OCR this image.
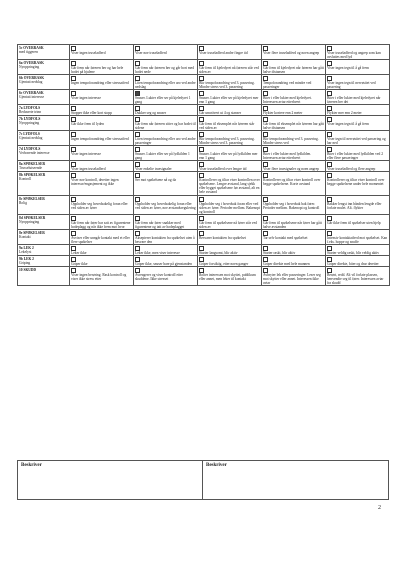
5c OVERRASK
med tiggeren	Viser ingen truseladferd	Viser noe truseladferd	Viser truseladferd andre fingre tid	Viser flere truseladferd og noen angrep	Viser truseladferd og angrep som kan avsluttes med lyd

6a OVERRASK
Nyoppringing	Går frem når føreren ber og har hele hodet på hjulene	Går frem når føreren ber og går bort med hodet nede	Går frem til kjeledyret nå føreren står ved siden av	Går frem til kjeledyret når føreren har gått halve distansen	Viser ingen tegn til å gå frem

6b OVERRASK
Gjentatt nedslag	Ingen tempoforandring eller stressatferd	Liten tempoforandring eller uro ved andre nedslag	Blir tempoforandring ved 3. passering. Mindre stress ved 3. passering	Tempoforandring ved mindre ved passeringer	Viser ingen tegn til nervøsitet ved passering

6c OVERRASK
Gjentatt interesse	Viser ingen interesse	Snuser. Lukter eller ser på kjeledyret 1 gang	Snuser. Lukter eller ser på kjeledyret mer enn 1 gang	Biter i eller lukter med kjeledyret. Interessen avtar etterhvert	Biter i eller lukter med kjeledyret når føreren ber det

7a LYDFOLS
Reduserte trinn	Stopper ikke eller kort stopp	Dukker seg og snuser	Går umotivert ut 4 og stanser	Flykter kortere enn 2 meter	Flykter mer enn 2 meter

7b LYDFOLS
Nyoppringing	Går ikke frem til lyden	Går frem når føreren sitter og har hodet til sidene	Går frem til eksemplet når føreren står ved siden av	Går frem til eksemplet når føreren har gått halve distansen	Viser ingen tegn til å gå frem

7c LYDFOLS
Gjentatt nedslag	Ingen tempoforandring eller stressatferd	Liten tempoforandring eller uro ved andre passeringer	Blir tempoforandring ved 3. passering. Mindre stress ved 3. passering	Blir tempoforandring ved 3. passering. Mindre stress ved	Viser tegn til nervøsitet ved passering og har ned

7d LYDFOLS
Vedvarende interesse	Viser ingen interesse	Snuser. Lukter eller ser på lydkilden 1 gang	Snuser. Lukter eller ser på lydkilden mer enn 1 gang	Biter i eller lukter med lydkilden. Interessen avtar etterhvert	Biter i eller lukter med lydkilden ved 2 eller flere passeringer

8a SPØKELSER
Trusselutseende	Viser ingen truseladferd	Viser enkelte truesignaler	Viser truseladferd over lengre tid	Viser flere truesignaler og noen angrep	Viser truseladferd og flere angrep

8b SPØKELSER
Kontroll	Viser noe kontroll, deretter ingen interesse/engasjement og ikke	Ser mot spøkelsene nå og da	Kontrollerer og tiltar viser kontrollen over spøkelsene. Lengre avstand, lang sjekk eller bygget spøkelsene før avstand, alt en hele avstand	Kontrollerer og tiltar viser kontroll over begge spøkelsene. Korte avstand	Kontrollerer og tiltar viser kontroll over begge spøkelsene under hele momentet

8c SPØKELSER
Rolig	Oppholder seg hovedsakelig foran eller ved siden av fører	Oppholder seg hovedsakelig foran eller ved siden av fører, noe avstandsregulering	Oppholder seg i hovedsak foran eller ved siden av fører. Perioder mellom. Bakenopt og kontroll	Oppholder seg i hovedsak bak fører. Perioder mellom. Bakenopt og kontroll	Bakker lengst inn bånden lengde eller forlate mulet. Alt. flykter

8d SPØKELSER
Nyoppringing	Går frem når fører har satt av figurentene hodeplagg og når ikke frem mot hvor	Går frem når fører snakker med figurentene og tatt av hodeplagget	Går frem til spøkelsene nå fører står ved siden av	Går frem til spøkelsene når fører har gått halve avstanden	Går ikke frem til spøkelser uten hjelp

8e SPØKELSER
Kontakt	Avviser eller unngår kontakt med et eller flere spøkelser	Aksepterer kontakten fra spøkelset uten å besvare den	Besvarer kontakten fra spøkelset	Tar selv kontakt med spøkelset	Intensiv kontaktatferd mot spøkelset. Kan f.eks. hoppe og snuffe

9a LEK 2
Lekelyst	Leker ikke	Leker ikke, men viser interesse	Starter langsomt, blir aktiv	Starter raskt, blir aktiv	Starter veldig raskt, blir veldig aktiv

9b LEK 2
Griping	Griper ikke	Griper ikke, snuser bare på gjenstanden	Griper forsiktig, etter noen ganger	Griper direkte med hele munnen	Griper direkte, biter og drar deretter

10 SKUDD	Viser ingen berøring. Rask kontroll og viser ikke stress etter	Avreagerer og viser kontroll etter skuddene. Ikke stresset	Rolter interessen mot skyttet, publikum eller annet, men leker til kontakt	Avbryter lek eller passeringer. Leser seg mot skytter eller annet. Interessen ikke avtar	Berørt, redd. Alt vil forlate plassen, henvendte seg til fører. Interessen avtar fra skudd
Beskriver	Beskriver
2
